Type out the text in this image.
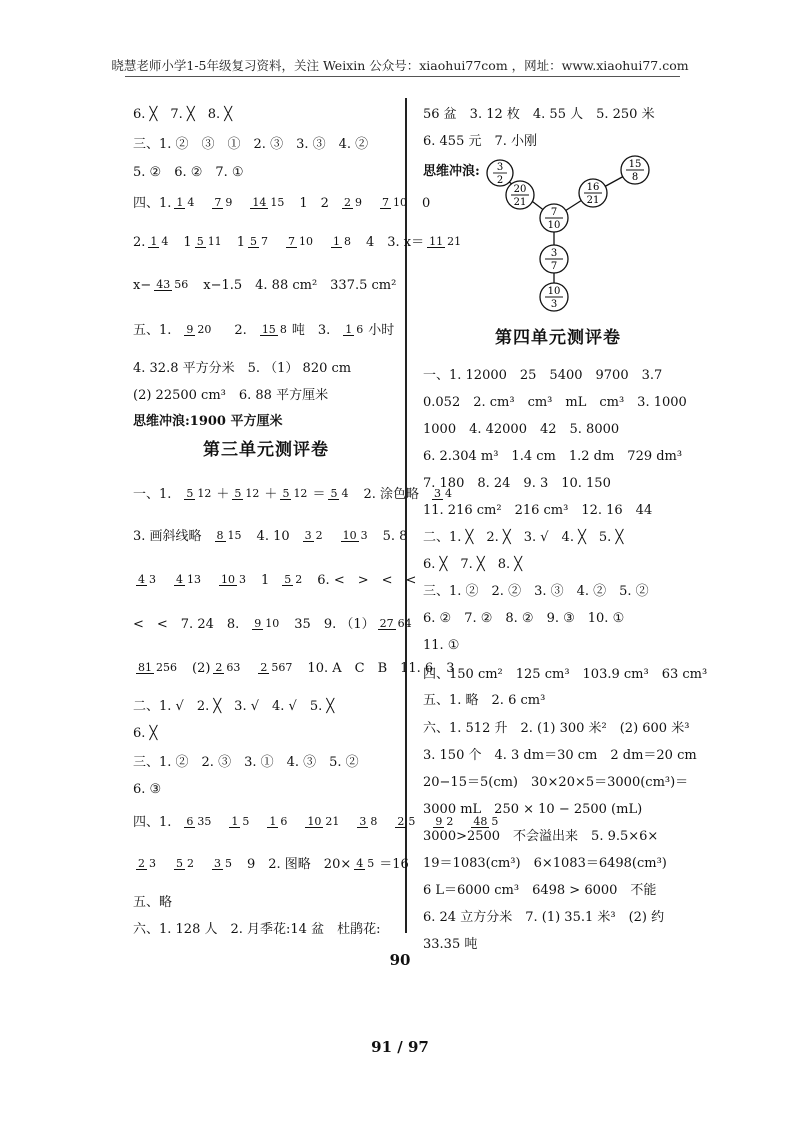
晓慧老师小学1-5年级复习资料，关注 Weixin 公众号：xiaohui77com ，网址：www.xiaohui77.com
6. ╳　7. ╳　8. ╳
三、1. ②　③　①　2. ③　3. ③　4. ②
5. ②　6. ②　7. ①
四、1. 1 4 7 9 14 15 1　2 2 9 7 10 0
2. 1 4 1 5 11 1 5 7 7 10 1 8 4　3. x＝ 11 21
x− 43 56 x−1.5　4. 88 cm²　337.5 cm²
五、1. 9 20 2. 15 8 吨　3. 1 6 小时
4. 32.8 平方分米　5. （1） 820 cm
(2) 22500 cm³　6. 88 平方厘米
思维冲浪:1900 平方厘米
第三单元测评卷
一、1. 5 12 ＋ 5 12 ＋ 5 12 ＝ 5 4 2. 涂色略 3 4
3. 画斜线略 8 15 4. 10 3 2 10 3 5. 8
4 3 4 13 10 3 1 5 2 6. <　>　<　<
<　<　7. 24　8. 9 10 35　9. （1） 27 64
81 256 (2) 2 63 2 567 10. A　C　B　11. 6　3
二、1. √　2. ╳　3. √　4. √　5. ╳
6. ╳
三、1. ②　2. ③　3. ①　4. ③　5. ②
6. ③
四、1. 6 35 1 5 1 6 10 21 3 8 2 5 9 2 48 5
2 3 5 2 3 5 9　2. 图略　20× 4 5 ＝16
五、略
六、1. 128 人　2. 月季花:14 盆　杜鹃花:
56 盆　3. 12 枚　4. 55 人　5. 250 米
6. 455 元　7. 小刚
思维冲浪: 3
2
20
21
15
8
16
21
7
10
3
7
10
3
第四单元测评卷
一、1. 12000　25　5400　9700　3.7
0.052　2. cm³　cm³　mL　cm³　3. 1000
1000　4. 42000　42　5. 8000
6. 2.304 m³　1.4 cm　1.2 dm　729 dm³
7. 180　8. 24　9. 3　10. 150
11. 216 cm²　216 cm³　12. 16　44
二、1. ╳　2. ╳　3. √　4. ╳　5. ╳
6. ╳　7. ╳　8. ╳
三、1. ②　2. ②　3. ③　4. ②　5. ②
6. ②　7. ②　8. ②　9. ③　10. ①
11. ①
四、150 cm²　125 cm³　103.9 cm³　63 cm³
五、1. 略　2. 6 cm³
六、1. 512 升　2. (1) 300 米²　(2) 600 米³
3. 150 个　4. 3 dm＝30 cm　2 dm＝20 cm
20−15＝5(cm)　30×20×5＝3000(cm³)＝
3000 mL　250 × 10 − 2500 (mL)
3000>2500　不会溢出来　5. 9.5×6×
19＝1083(cm³)　6×1083＝6498(cm³)
6 L＝6000 cm³　6498 > 6000　不能
6. 24 立方分米　7. (1) 35.1 米³　(2) 约
33.35 吨
90
91 / 97
